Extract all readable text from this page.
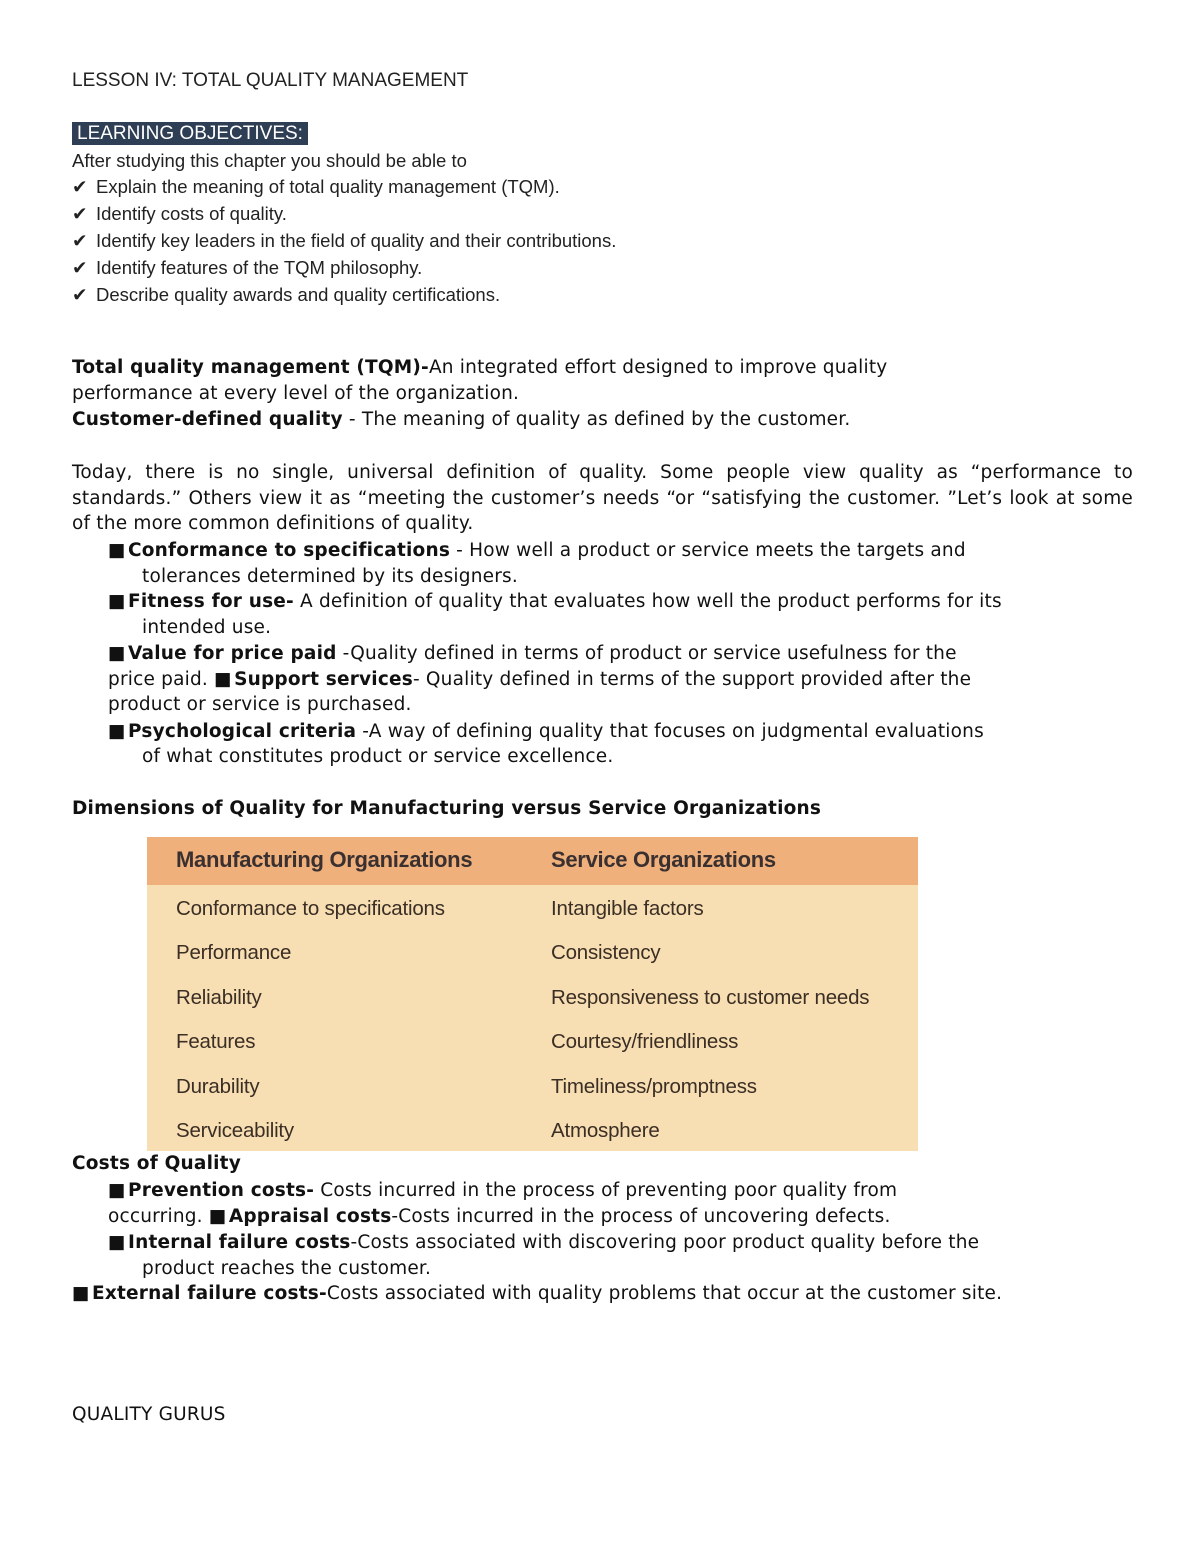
LESSON IV: TOTAL QUALITY MANAGEMENT
LEARNING OBJECTIVES:
After studying this chapter you should be able to
✔ Explain the meaning of total quality management (TQM).
✔ Identify costs of quality.
✔ Identify key leaders in the field of quality and their contributions.
✔ Identify features of the TQM philosophy.
✔ Describe quality awards and quality certifications.
Total quality management (TQM)-An integrated effort designed to improve quality
performance at every level of the organization.
Customer-defined quality - The meaning of quality as defined by the customer.
Today, there is no single, universal definition of quality. Some people view quality as “performance to standards.” Others view it as “meeting the customer’s needs “or “satisfying the customer. ”Let’s look at some of the more common definitions of quality.
■ Conformance to specifications - How well a product or service meets the targets and
tolerances determined by its designers.
■ Fitness for use- A definition of quality that evaluates how well the product performs for its
intended use.
■ Value for price paid -Quality defined in terms of product or service usefulness for the
price paid. ■ Support services- Quality defined in terms of the support provided after the
product or service is purchased.
■ Psychological criteria -A way of defining quality that focuses on judgmental evaluations
of what constitutes product or service excellence.
Dimensions of Quality for Manufacturing versus Service Organizations
Manufacturing Organizations	Service Organizations
Conformance to specifications	Intangible factors
Performance	Consistency
Reliability	Responsiveness to customer needs
Features	Courtesy/friendliness
Durability	Timeliness/promptness
Serviceability	Atmosphere
Costs of Quality
■ Prevention costs- Costs incurred in the process of preventing poor quality from
occurring. ■ Appraisal costs-Costs incurred in the process of uncovering defects.
■ Internal failure costs-Costs associated with discovering poor product quality before the
product reaches the customer.
■ External failure costs-Costs associated with quality problems that occur at the customer site.
QUALITY GURUS
